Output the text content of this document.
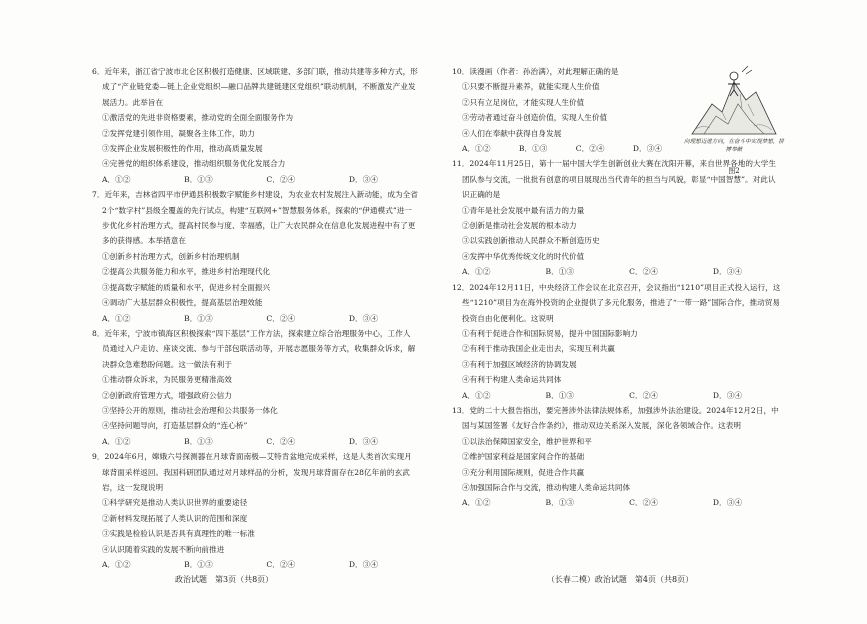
6．近年来，浙江省宁波市北仑区积极打造健康、区域联建、多部门联，推动共建等多种方式，形成了“产业链党委—链上企业党组织—融口品牌共建链建区党组织”联动机制，不断激发产业发展活力。此举旨在

①激活党的先进非资格要素，推动党的全面全面服务作为

②发挥党建引领作用，凝聚各主体工作，助力

③发挥企业发展积极性的作用，推动高质量发展

④完善党的组织体系建设，推动组织服务优化发展合力

A．①②	B．①③	C．②④	D．③④

7．近年来，吉林省四平市伊通县积极数字赋能乡村建设，为农业农村发展注入新动能，成为全省2个“数字村”县级全覆盖的先行试点，构建“互联网+”智慧服务体系，探索的“伊通模式”进一步优化乡村治理方式，提高村民参与度、幸福感，让广大农民群众在信息化发展进程中有了更多的获得感。本举措意在

①创新乡村治理方式，创新乡村治理机制

②提高公共服务能力和水平，推进乡村治理现代化

③提高数字赋能的质量和水平，促进乡村全面振兴

④调动广大基层群众积极性，提高基层治理效能

A．①②	B．①③	C．②④	D．③④

8．近年来，宁波市镇海区积极探索“四下基层”工作方法，探索建立综合治理服务中心，工作人员通过入户走访、座谈交流、参与干部包联活动等，开展志愿服务等方式，收集群众诉求，解决群众急难愁盼问题。这一做法有利于

①推动群众诉求，为民服务更精准高效

②创新政府管理方式，增强政府公信力

③坚持公开的原则，推动社会治理和公共服务一体化

④坚持问题导向，打造基层群众的“连心桥”

A．①②	B．①③	C．②④	D．③④

9．2024年6月，嫦娥六号探测器在月球背面南极—艾特肯盆地完成采样，这是人类首次实现月球背面采样返回。我国科研团队通过对月球样品的分析，发现月球背面存在28亿年前的玄武岩，这一发现说明

①科学研究是推动人类认识世界的重要途径

②新材料发现拓展了人类认识的范围和深度

③实践是检验认识是否具有真理性的唯一标准

④认识随着实践的发展不断向前推进

A．①②	B．①③	C．②④	D．③④

10．读漫画（作者：孙治满），对此理解正确的是

①只要不断提升素养，就能实现人生价值

②只有立足岗位，才能实现人生价值

③劳动者通过奋斗创造价值，实现人生价值

④人们在奉献中获得自身发展

A．①②	B．①③	C．②④	D．③④

向理想迈进方向，在奋斗中实现梦想，拼搏奉献
图2

11．2024年11月25日，第十一届中国大学生创新创业大赛在沈阳开幕，来自世界各地的大学生团队参与交流，一批批有创意的项目展现出当代青年的担当与风貌，彰显“中国智慧”。对此认识正确的是

①青年是社会发展中最有活力的力量

②创新是推动社会发展的根本动力

③以实践创新推动人民群众不断创造历史

④发挥中华优秀传统文化的时代价值

A．①②	B．①③	C．②④	D．③④

12．2024年12月11日，中央经济工作会议在北京召开，会议指出“1210”项目正式投入运行，这些“1210”项目为在海外投资的企业提供了多元化服务，推进了“一带一路”国际合作，推动贸易投资自由化便利化。这说明

①有利于促进合作和国际贸易，提升中国国际影响力

②有利于推动我国企业走出去，实现互利共赢

③有利于加强区域经济的协调发展

④有利于构建人类命运共同体

A．①②	B．①③	C．②④	D．③④

13．党的二十大报告指出，要完善涉外法律法规体系，加强涉外法治建设。2024年12月2日，中国与某国签署《友好合作条约》，推动双边关系深入发展，深化各领域合作。这表明

①以法治保障国家安全，维护世界和平

②维护国家利益是国家间合作的基础

③充分利用国际规则，促进合作共赢

④加强国际合作与交流，推动构建人类命运共同体

A．①②	B．①③	C．②④	D．③④

政治试题　第3页（共8页）	（长春二模）政治试题　第4页（共8页）
